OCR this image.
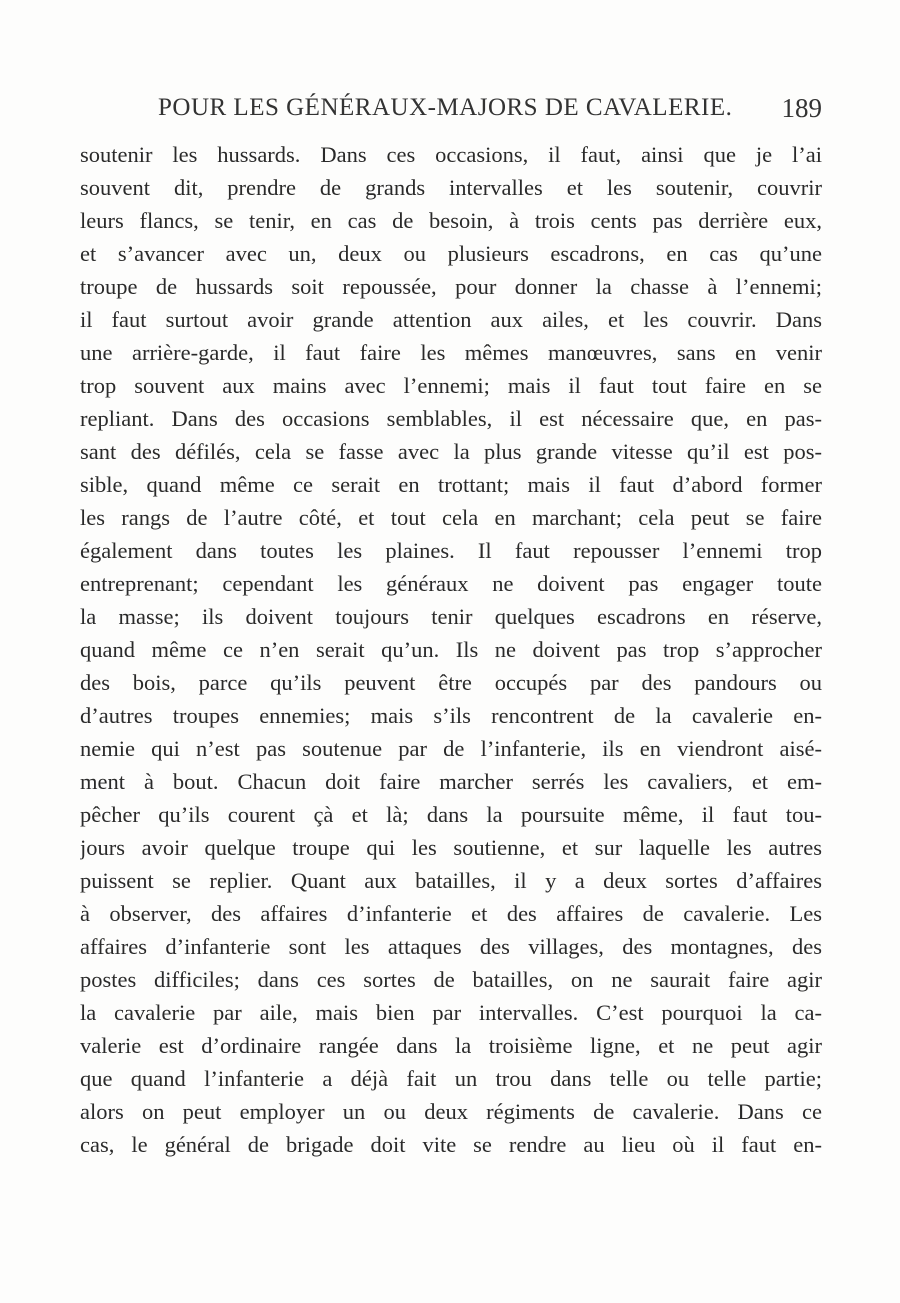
POUR LES GÉNÉRAUX-MAJORS DE CAVALERIE. 189
soutenir les hussards. Dans ces occasions, il faut, ainsi que je l’ai
souvent dit, prendre de grands intervalles et les soutenir, couvrir
leurs flancs, se tenir, en cas de besoin, à trois cents pas derrière eux,
et s’avancer avec un, deux ou plusieurs escadrons, en cas qu’une
troupe de hussards soit repoussée, pour donner la chasse à l’ennemi;
il faut surtout avoir grande attention aux ailes, et les couvrir. Dans
une arrière-garde, il faut faire les mêmes manœuvres, sans en venir
trop souvent aux mains avec l’ennemi; mais il faut tout faire en se
repliant. Dans des occasions semblables, il est nécessaire que, en pas-
sant des défilés, cela se fasse avec la plus grande vitesse qu’il est pos-
sible, quand même ce serait en trottant; mais il faut d’abord former
les rangs de l’autre côté, et tout cela en marchant; cela peut se faire
également dans toutes les plaines. Il faut repousser l’ennemi trop
entreprenant; cependant les généraux ne doivent pas engager toute
la masse; ils doivent toujours tenir quelques escadrons en réserve,
quand même ce n’en serait qu’un. Ils ne doivent pas trop s’approcher
des bois, parce qu’ils peuvent être occupés par des pandours ou
d’autres troupes ennemies; mais s’ils rencontrent de la cavalerie en-
nemie qui n’est pas soutenue par de l’infanterie, ils en viendront aisé-
ment à bout. Chacun doit faire marcher serrés les cavaliers, et em-
pêcher qu’ils courent çà et là; dans la poursuite même, il faut tou-
jours avoir quelque troupe qui les soutienne, et sur laquelle les autres
puissent se replier. Quant aux batailles, il y a deux sortes d’affaires
à observer, des affaires d’infanterie et des affaires de cavalerie. Les
affaires d’infanterie sont les attaques des villages, des montagnes, des
postes difficiles; dans ces sortes de batailles, on ne saurait faire agir
la cavalerie par aile, mais bien par intervalles. C’est pourquoi la ca-
valerie est d’ordinaire rangée dans la troisième ligne, et ne peut agir
que quand l’infanterie a déjà fait un trou dans telle ou telle partie;
alors on peut employer un ou deux régiments de cavalerie. Dans ce
cas, le général de brigade doit vite se rendre au lieu où il faut en-
